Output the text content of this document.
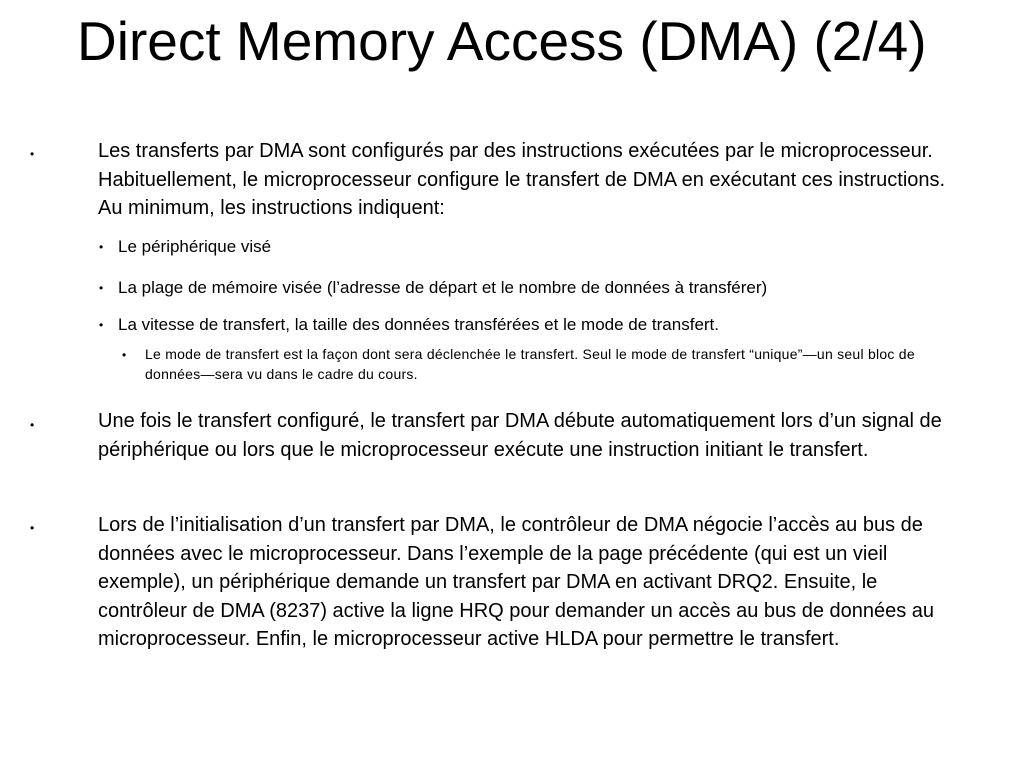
Direct Memory Access (DMA) (2/4)
•	Les transferts par DMA sont configurés par des instructions exécutées par le microprocesseur. Habituellement, le microprocesseur configure le transfert de DMA en exécutant ces instructions. Au minimum, les instructions indiquent:

• Le périphérique visé

• La plage de mémoire visée (l’adresse de départ et le nombre de données à transférer)

• La vitesse de transfert, la taille des données transférées et le mode de transfert.

• Le mode de transfert est la façon dont sera déclenchée le transfert. Seul le mode de transfert “unique”—un seul bloc de données—sera vu dans le cadre du cours.

•	Une fois le transfert configuré, le transfert par DMA débute automatiquement lors d’un signal de périphérique ou lors que le microprocesseur exécute une instruction initiant le transfert.

•	Lors de l’initialisation d’un transfert par DMA, le contrôleur de DMA négocie l’accès au bus de données avec le microprocesseur. Dans l’exemple de la page précédente (qui est un vieil exemple), un périphérique demande un transfert par DMA en activant DRQ2. Ensuite, le contrôleur de DMA (8237) active la ligne HRQ pour demander un accès au bus de données au microprocesseur. Enfin, le microprocesseur active HLDA pour permettre le transfert.
